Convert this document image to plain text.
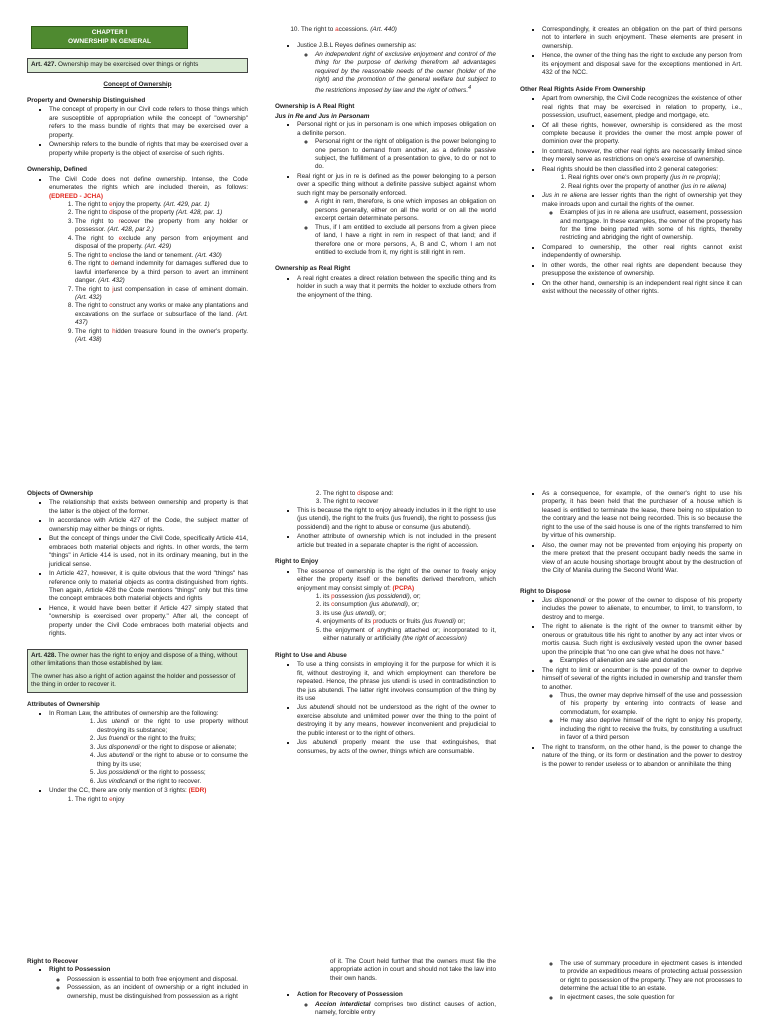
CHAPTER I
OWNERSHIP IN GENERAL
Art. 427. Ownership may be exercised over things or rights
Concept of Ownership
Property and Ownership Distinguished
▪ The concept of property in our Civil code refers to those things which are susceptible of appropriation while the concept of "ownership" refers to the mass bundle of rights that may be exercised over a property.
▪ Ownership refers to the bundle of rights that may be exercised over a property while property is the object of exercise of such rights.
Ownership, Defined
▪ The Civil Code does not define ownership. Intense, the Code enumerates the rights which are included therein, as follows: (EDREED - JCHA)
1. The right to enjoy the property. (Art. 429, par. 1)
2. The right to dispose of the property (Art. 428, par. 1)
3. The right to recover the property from any holder or possessor. (Art. 428, par 2.)
4. The right to exclude any person from enjoyment and disposal of the property. (Art. 429)
5. The right to enclose the land or tenement. (Art. 430)
6. The right to demand indemnity for damages suffered due to lawful interference by a third person to avert an imminent danger. (Art. 432)
7. The right to just compensation in case of eminent domain. (Art. 432)
8. The right to construct any works or make any plantations and excavations on the surface or subsurface of the land. (Art. 437)
9. The right to hidden treasure found in the owner's property. (Art. 438)
10. The right to accessions. (Art. 440)
▪ Justice J.B.L Reyes defines ownership as:
◦ An independent right of exclusive enjoyment and control of the thing for the purpose of deriving therefrom all advantages required by the reasonable needs of the owner (holder of the right) and the promotion of the general welfare but subject to the restrictions imposed by law and the right of others.$^4$
Ownership is A Real Right
Jus in Re and Jus in Personam
▪ Personal right or jus in personam is one which imposes obligation on a definite person.
◦ Personal right or the right of obligation is the power belonging to one person to demand from another, as a definite passive subject, the fulfillment of a presentation to give, to do or not to do.
▪ Real right or jus in re is defined as the power belonging to a person over a specific thing without a definite passive subject against whom such right may be personally enforced.
◦ A right in rem, therefore, is one which imposes an obligation on persons generally, either on all the world or on all the world excerpt certain determinate persons.
◦ Thus, if I am entitled to exclude all persons from a given piece of land, I have a right in rem in respect of that land; and if therefore one or more persons, A, B and C, whom I am not entitled to exclude from it, my right is still right in rem.
Ownership as Real Right
▪ A real right creates a direct relation between the specific thing and its holder in such a way that it permits the holder to exclude others from the enjoyment of the thing.
▪ Correspondingly, it creates an obligation on the part of third persons not to interfere in such enjoyment. These elements are present in ownership.
▪ Hence, the owner of the thing has the right to exclude any person from its enjoyment and disposal save for the exceptions mentioned in Art. 432 of the NCC.
Other Real Rights Aside From Ownership
▪ Apart from ownership, the Civil Code recognizes the existence of other real rights that may be exercised in relation to property, i.e., possession, usufruct, easement, pledge and mortgage, etc.
▪ Of all these rights, however, ownership is considered as the most complete because it provides the owner the most ample power of dominion over the property.
▪ In contrast, however, the other real rights are necessarily limited since they merely serve as restrictions on one's exercise of ownership.
▪ Real rights should be then classified into 2 general categories:
1. Real rights over one's own property (jus in re propria);
2. Real rights over the property of another (jus in re aliena)
▪ Jus in re aliena are lesser rights than the right of ownership yet they make inroads upon and curtail the rights of the owner.
◦ Examples of jus in re aliena are usufruct, easement, possession and mortgage. In these examples, the owner of the property has for the time being parted with some of his rights, thereby restricting and abridging the right of ownership.
▪ Compared to ownership, the other real rights cannot exist independently of ownership.
▪ In other words, the other real rights are dependent because they presuppose the existence of ownership.
▪ On the other hand, ownership is an independent real right since it can exist without the necessity of other rights.
Objects of Ownership
▪ The relationship that exists between ownership and property is that the latter is the object of the former.
▪ In accordance with Article 427 of the Code, the subject matter of ownership may either be things or rights.
▪ But the concept of things under the Civil Code, specifically Article 414, embraces both material objects and rights. In other words, the term "things" in Article 414 is used, not in its ordinary meaning, but in the juridical sense.
▪ In Article 427, however, it is quite obvious that the word "things" has reference only to material objects as contra distinguished from rights. Then again, Article 428 the Code mentions "things" only but this time the concept embraces both material objects and rights
▪ Hence, it would have been better if Article 427 simply stated that "ownership is exercised over property." After all, the concept of property under the Civil Code embraces both material objects and rights.
Art. 428. The owner has the right to enjoy and dispose of a thing, without other limitations than those established by law.
The owner has also a right of action against the holder and possessor of the thing in order to recover it.
Attributes of Ownership
▪ In Roman Law, the attributes of ownership are the following:
1. Jus utendi or the right to use property without destroying its substance;
2. Jus fruendi or the right to the fruits;
3. Jus disponendi or the right to dispose or alienate;
4. Jus abutendi or the right to abuse or to consume the thing by its use;
5. Jus possidendi or the right to possess;
6. Jus vindicandi or the right to recover.
▪ Under the CC, there are only mention of 3 rights: (EDR)
1. The right to enjoy
2. The right to dispose and:
3. The right to recover
▪ This is because the right to enjoy already includes in it the right to use (jus utendi), the right to the fruits (jus fruendi), the right to possess (jus possidendi) and the right to abuse or consume (jus abutendi).
▪ Another attribute of ownership which is not included in the present article but treated in a separate chapter is the right of accession.
Right to Enjoy
▪ The essence of ownership is the right of the owner to freely enjoy either the property itself or the benefits derived therefrom, which enjoyment may consist simply of: (PCPA)
1. its possession (jus possidendi), or;
2. its consumption (jus abutendi), or;
3. its use (jus utendi), or;
4. enjoyments of its products or fruits (jus fruendi) or;
5. the enjoyment of anything attached or; incorporated to it, either naturally or artificially (the right of accession)
Right to Use and Abuse
▪ To use a thing consists in employing it for the purpose for which it is fit, without destroying it, and which employment can therefore be repeated. Hence, the phrase jus utendi is used in contradistinction to the jus abutendi. The latter right involves consumption of the thing by its use
▪ Jus abutendi should not be understood as the right of the owner to exercise absolute and unlimited power over the thing to the point of destroying it by any means, however inconvenient and prejudicial to the public interest or to the right of others.
▪ Jus abutendi properly meant the use that extinguishes, that consumes, by acts of the owner, things which are consumable.
▪ As a consequence, for example, of the owner's right to use his property, it has been held that the purchaser of a house which is leased is entitled to terminate the lease, there being no stipulation to the contrary and the lease not being recorded. This is so because the right to the use of the said house is one of the rights transferred to him by virtue of his ownership.
▪ Also, the owner may not be prevented from enjoying his property on the mere pretext that the present occupant badly needs the same in view of an acute housing shortage brought about by the destruction of the City of Manila during the Second World War.
Right to Dispose
▪ Jus disponendi or the power of the owner to dispose of his property includes the power to alienate, to encumber, to limit, to transform, to destroy and to merge.
▪ The right to alienate is the right of the owner to transmit either by onerous or gratuitous title his right to another by any act inter vivos or mortis causa. Such right is exclusively vested upon the owner based upon the principle that "no one can give what he does not have."
◦ Examples of alienation are sale and donation
▪ The right to limit or encumber is the power of the owner to deprive himself of several of the rights included in ownership and transfer them to another.
◦ Thus, the owner may deprive himself of the use and possession of his property by entering into contracts of lease and commodatum, for example.
◦ He may also deprive himself of the right to enjoy his property, including the right to receive the fruits, by constituting a usufruct in favor of a third person
▪ The right to transform, on the other hand, is the power to change the nature of the thing, or its form or destination and the power to destroy is the power to render useless or to abandon or annihilate the thing
Right to Recover
▪ Right to Possession
◦ Possession is essential to both free enjoyment and disposal.
◦ Possession, as an incident of ownership or a right included in ownership, must be distinguished from possession as a right
of it. The Court held further that the owners must file the appropriate action in court and should not take the law into their own hands.
▪ Action for Recovery of Possession
◦ Accion interdictal comprises two distinct causes of action, namely, forcible entry
◦ The use of summary procedure in ejectment cases is intended to provide an expeditious means of protecting actual possession or right to possession of the property. They are not processes to determine the actual title to an estate.
◦ In ejectment cases, the sole question for
